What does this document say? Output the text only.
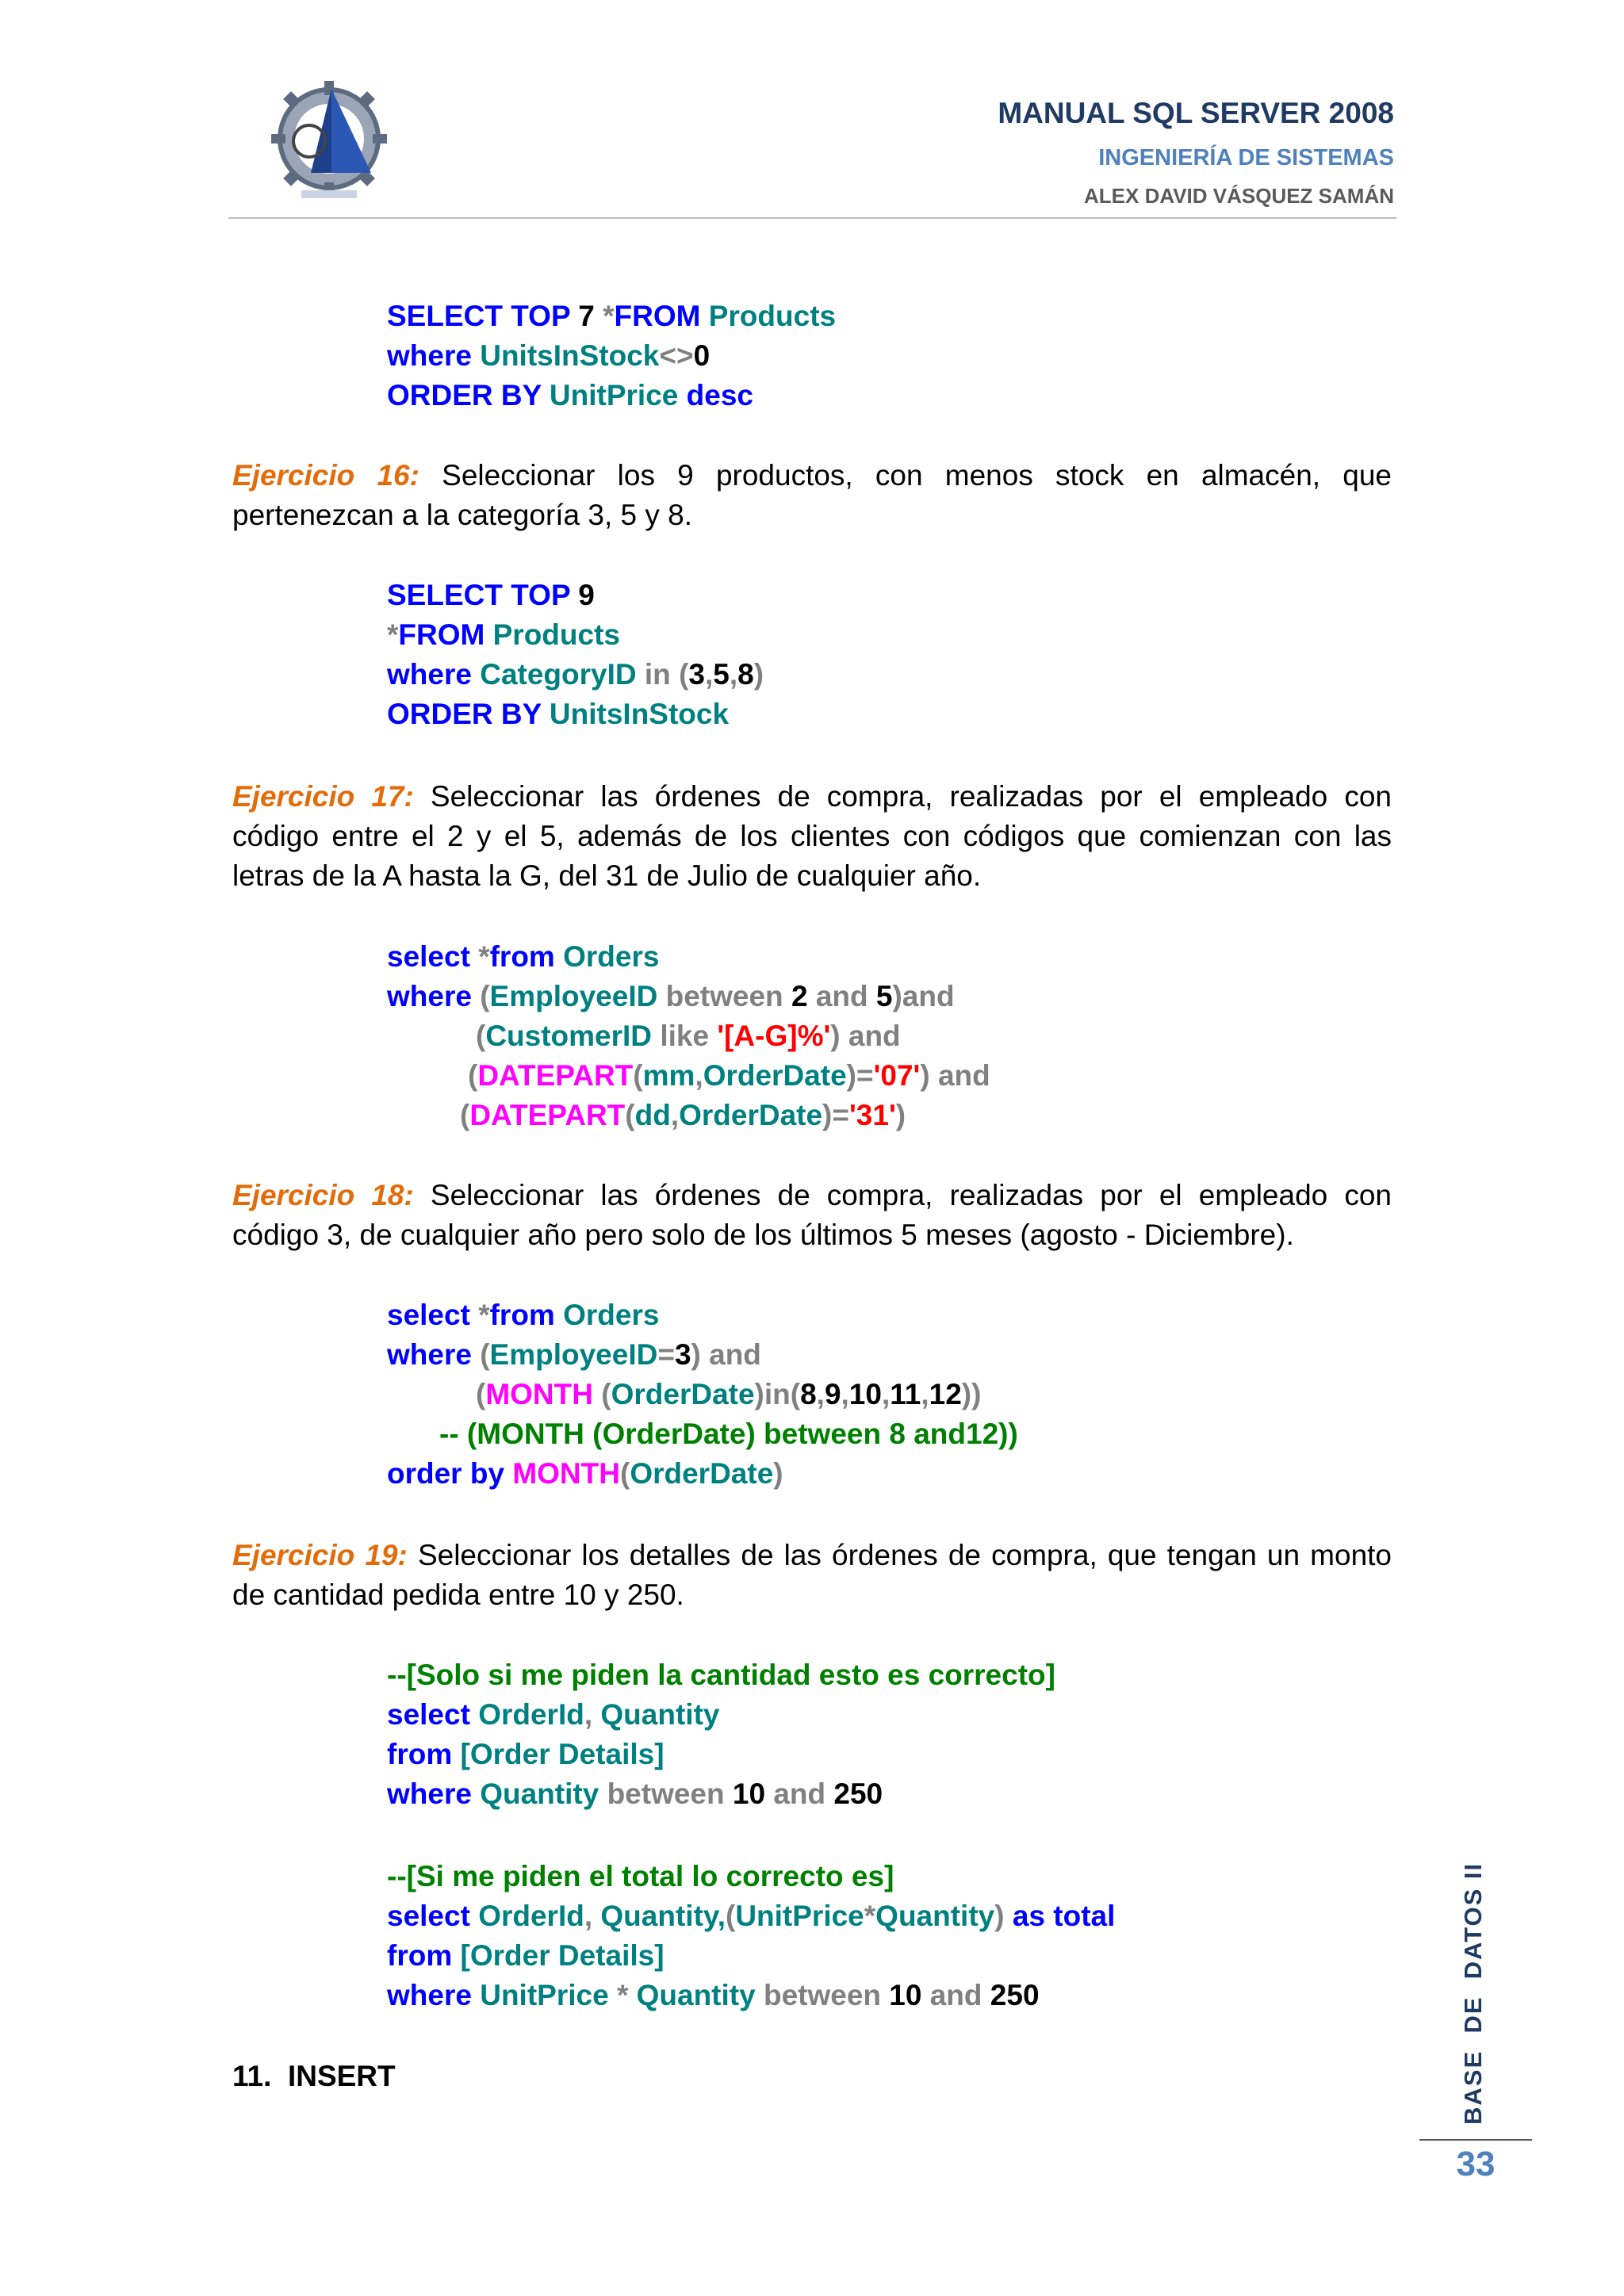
MANUAL SQL SERVER 2008
INGENIERÍA DE SISTEMAS
ALEX DAVID VÁSQUEZ SAMÁN
SELECT TOP 7 *FROM Products
where UnitsInStock<>0
ORDER BY UnitPrice desc
Ejercicio 16: Seleccionar los 9 productos, con menos stock en almacén, que pertenezcan a la categoría 3, 5 y 8.
SELECT TOP 9
*FROM Products
where CategoryID in (3,5,8)
ORDER BY UnitsInStock
Ejercicio 17: Seleccionar las órdenes de compra, realizadas por el empleado con código entre el 2 y el 5, además de los clientes con códigos que comienzan con las letras de la A hasta la G, del 31 de Julio de cualquier año.
select *from Orders
where (EmployeeID between 2 and 5)and
(CustomerID like '[A-G]%') and
(DATEPART(mm,OrderDate)='07') and
(DATEPART(dd,OrderDate)='31')
Ejercicio 18: Seleccionar las órdenes de compra, realizadas por el empleado con código 3, de cualquier año pero solo de los últimos 5 meses (agosto - Diciembre).
select *from Orders
where (EmployeeID=3) and
(MONTH (OrderDate)in(8,9,10,11,12))
-- (MONTH (OrderDate) between 8 and12))
order by MONTH(OrderDate)
Ejercicio 19: Seleccionar los detalles de las órdenes de compra, que tengan un monto de cantidad pedida entre 10 y 250.
--[Solo si me piden la cantidad esto es correcto]
select OrderId, Quantity
from [Order Details]
where Quantity between 10 and 250
--[Si me piden el total lo correcto es]
select OrderId, Quantity,(UnitPrice*Quantity) as total
from [Order Details]
where UnitPrice * Quantity between 10 and 250
11.  INSERT	BASE  DE  DATOS II
33
